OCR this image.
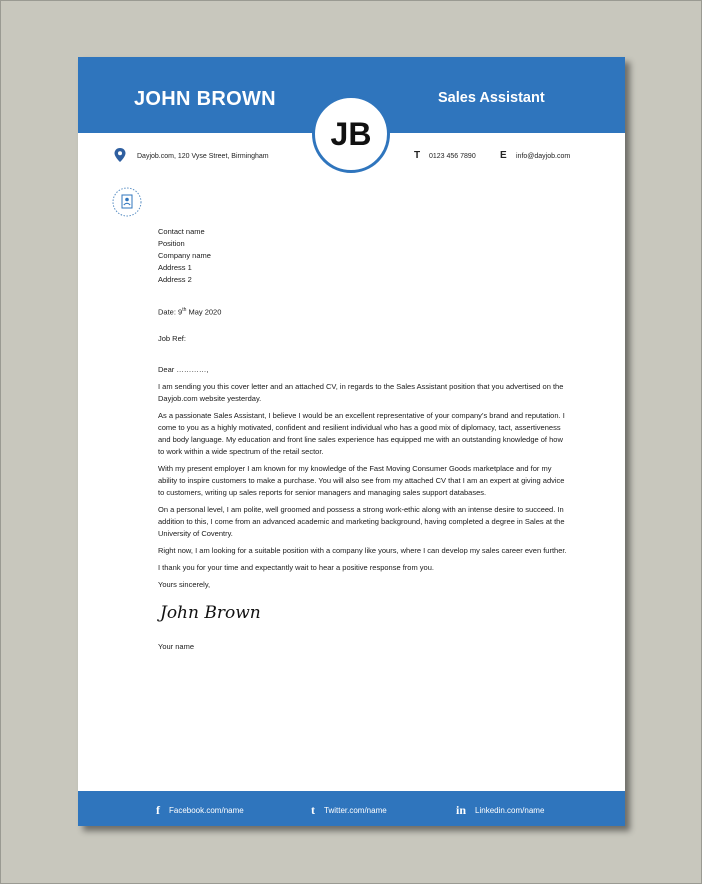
JOHN BROWN	Sales Assistant
JB
Dayjob.com, 120 Vyse Street, Birmingham	T 0123 456 7890 E info@dayjob.com
Contact name
Position
Company name
Address 1
Address 2
Date: 9th May 2020
Job Ref:
Dear …………,

I am sending you this cover letter and an attached CV, in regards to the Sales Assistant position that you advertised on the Dayjob.com website yesterday.

As a passionate Sales Assistant, I believe I would be an excellent representative of your company’s brand and reputation. I come to you as a highly motivated, confident and resilient individual who has a good mix of diplomacy, tact, assertiveness and body language. My education and front line sales experience has equipped me with an outstanding knowledge of how to work within a wide spectrum of the retail sector.

With my present employer I am known for my knowledge of the Fast Moving Consumer Goods marketplace and for my ability to inspire customers to make a purchase. You will also see from my attached CV that I am an expert at giving advice to customers, writing up sales reports for senior managers and managing sales support databases.

On a personal level, I am polite, well groomed and possess a strong work-ethic along with an intense desire to succeed. In addition to this, I come from an advanced academic and marketing background, having completed a degree in Sales at the University of Coventry.

Right now, I am looking for a suitable position with a company like yours, where I can develop my sales career even further.

I thank you for your time and expectantly wait to hear a positive response from you.

Yours sincerely,
John Brown
Your name
f Facebook.com/name	t Twitter.com/name	in Linkedin.com/name
